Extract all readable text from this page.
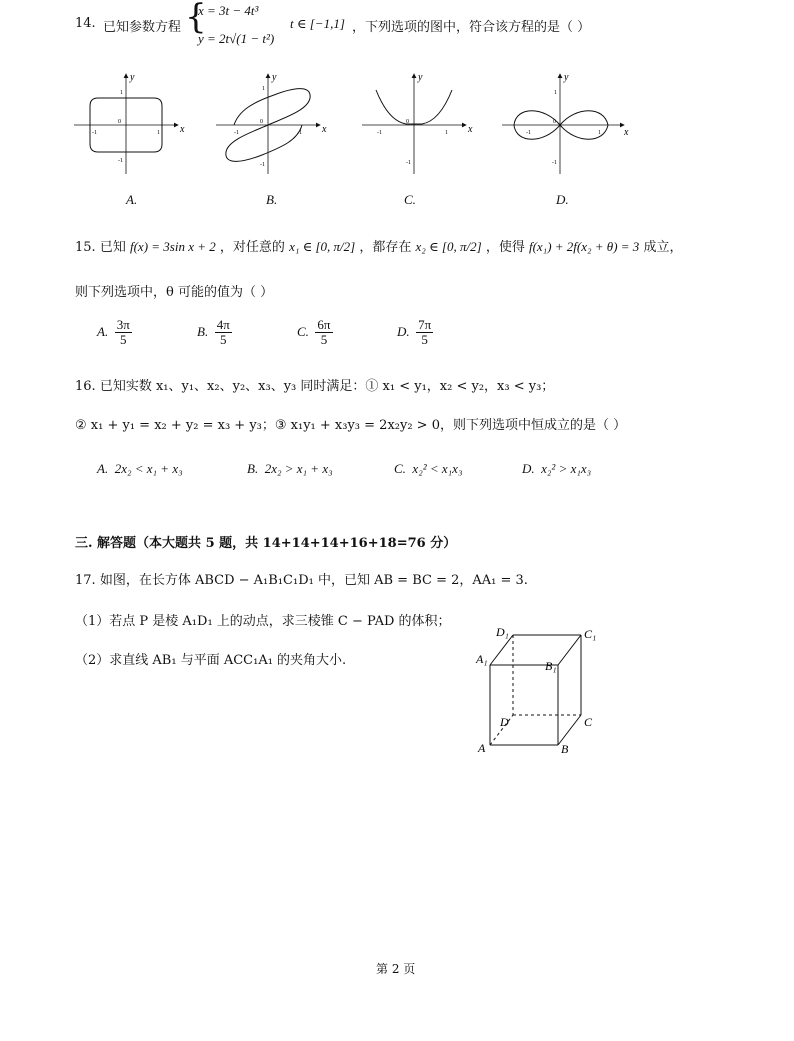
14. 已知参数方程 {
x = 3t − 4t³
y = 2t√(1 − t²)
t ∈ [−1,1] ，下列选项的图中，符合该方程的是（ ）
x
y
0
-1	1
1
-1
A.
x
y
0
-1	1
1
-1
B.
x
y
0
-1	1
-1
C.
x
y
0
-1	1
1
-1
D.
15. 已知 f(x) = 3sin x + 2 ，对任意的 x₁ ∈ [0, π/2] ，都存在 x₂ ∈ [0, π/2] ，使得 f(x₁) + 2f(x₂ + θ) = 3 成立，
则下列选项中，θ 可能的值为（ ）
A. $\frac{3\pi}{5}$	B. $\frac{4\pi}{5}$	C. $\frac{6\pi}{5}$	D. $\frac{7\pi}{5}$
16. 已知实数 x₁、y₁、x₂、y₂、x₃、y₃ 同时满足：① x₁ < y₁，x₂ < y₂，x₃ < y₃；
② x₁ + y₁ = x₂ + y₂ = x₃ + y₃；③ x₁y₁ + x₃y₃ = 2x₂y₂ > 0，则下列选项中恒成立的是（ ）
A. 2x₂ < x₁ + x₃	B. 2x₂ > x₁ + x₃	C. x₂² < x₁x₃	D. x₂² > x₁x₃
三. 解答题（本大题共 5 题，共 14+14+14+16+18=76 分）
17. 如图，在长方体 ABCD − A₁B₁C₁D₁ 中，已知 AB = BC = 2，AA₁ = 3.
（1）若点 P 是棱 A₁D₁ 上的动点，求三棱锥 C − PAD 的体积；
（2）求直线 AB₁ 与平面 ACC₁A₁ 的夹角大小.
D₁	C₁
A₁	B₁
D	C
A	B
第 2 页
